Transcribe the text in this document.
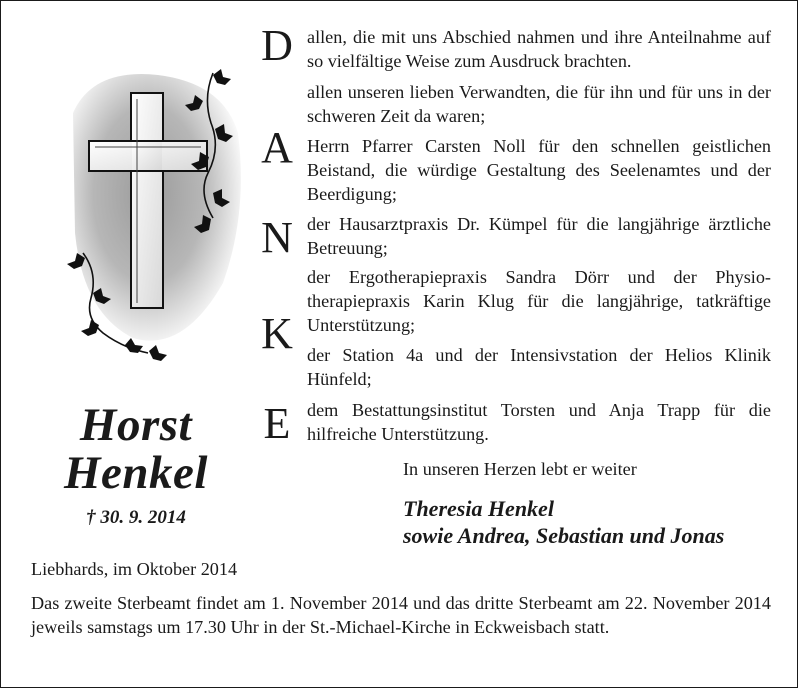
Horst
Henkel
† 30. 9. 2014
D
A
N
K
E
allen, die mit uns Abschied nahmen und ihre Anteilnahme auf so vielfältige Weise zum Ausdruck brachten.
allen unseren lieben Verwandten, die für ihn und für uns in der schweren Zeit da waren;
Herrn Pfarrer Carsten Noll für den schnellen geistlichen Beistand, die würdige Gestaltung des Seelenamtes und der Beerdigung;
der Hausarztpraxis Dr. Kümpel für die langjährige ärztliche Betreuung;
der Ergotherapiepraxis Sandra Dörr und der Physio-therapiepraxis Karin Klug für die langjährige, tatkräftige Unterstützung;
der Station 4a und der Intensivstation der Helios Klinik Hünfeld;
dem Bestattungsinstitut Torsten und Anja Trapp für die hilfreiche Unterstützung.
In unseren Herzen lebt er weiter
Theresia Henkel
sowie Andrea, Sebastian und Jonas
Liebhards, im Oktober 2014
Das zweite Sterbeamt findet am 1. November 2014 und das dritte Sterbeamt am 22. November 2014 jeweils samstags um 17.30 Uhr in der St.-Michael-Kirche in Eckweisbach statt.
